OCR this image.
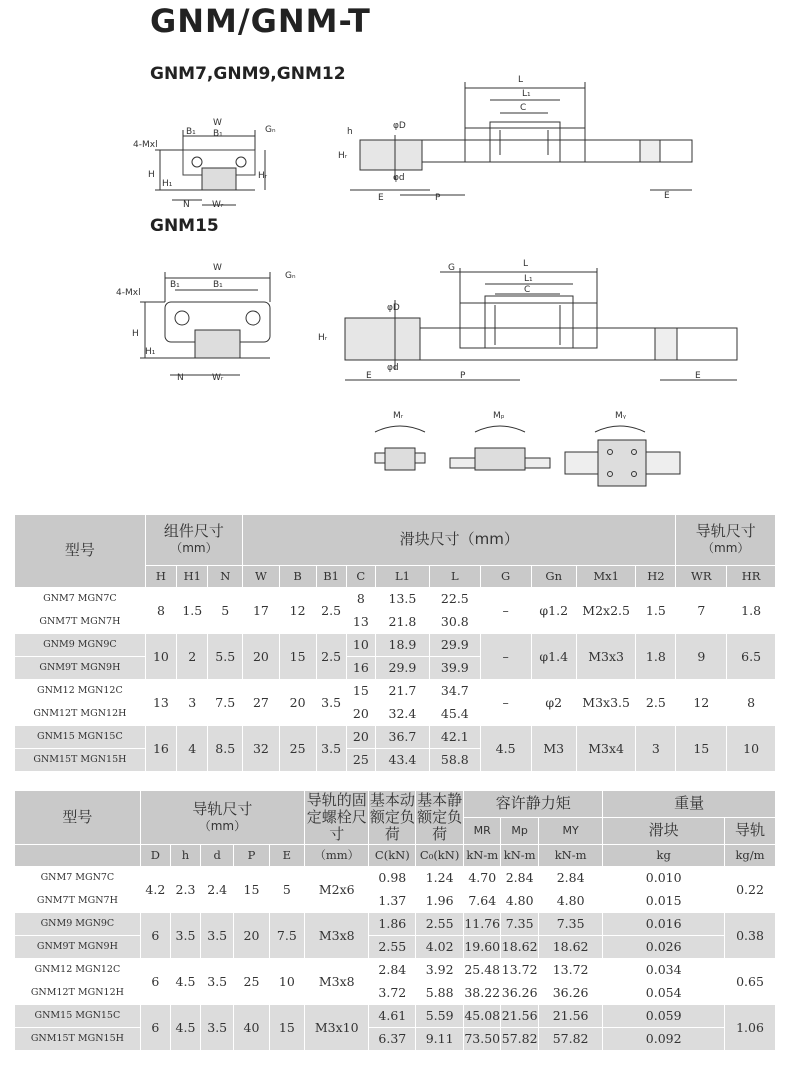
GNM/GNM-T
GNM7,GNM9,GNM12
GNM15
4-Mxl
B₁
W
B₁	Gₙ
H
H₁
Hᵣ
N Wᵣ
L
L₁
C
φD
φd
E	P	E
h
Hᵣ
4-Mxl
B₁
W
B₁
Gₙ
H
H₁
N	Wᵣ
G	L
L₁
C
φD
φd
E	P	E
Hᵣ
Mᵣ	Mₚ	Mᵧ
型号	组件尺寸
（mm）			滑块尺寸（mm）										导轨尺寸
（mm）	
	H	H1	N	W	B	B1	C	L1	L	G	Gn	Mx1	H2	WR	HR
GNM7 MGN7C	8	1.5	5	17	12	2.5	8	13.5	22.5	–	φ1.2	M2x2.5	1.5	7	1.8
GNM7T MGN7H							13	21.8	30.8						
GNM9 MGN9C	10	2	5.5	20	15	2.5	10	18.9	29.9	–	φ1.4	M3x3	1.8	9	6.5
GNM9T MGN9H							16	29.9	39.9						
GNM12 MGN12C	13	3	7.5	27	20	3.5	15	21.7	34.7	–	φ2	M3x3.5	2.5	12	8
GNM12T MGN12H							20	32.4	45.4						
GNM15 MGN15C	16	4	8.5	32	25	3.5	20	36.7	42.1	4.5	M3	M3x4	3	15	10
GNM15T MGN15H							25	43.4	58.8						
型号	导轨尺寸
（mm）					导轨的固定螺栓尺寸	基本动额定负荷	基本静额定负荷	容许静力矩			重量	
									MR	Mp	MY	滑块	导轨
	D	h	d	P	E	（mm）	C(kN)	C₀(kN)	kN-m	kN-m	kN-m	kg	kg/m
GNM7 MGN7C	4.2	2.3	2.4	15	5	M2x6	0.98	1.24	4.70	2.84	2.84	0.010	0.22
GNM7T MGN7H							1.37	1.96	7.64	4.80	4.80	0.015	
GNM9 MGN9C	6	3.5	3.5	20	7.5	M3x8	1.86	2.55	11.76	7.35	7.35	0.016	0.38
GNM9T MGN9H							2.55	4.02	19.60	18.62	18.62	0.026	
GNM12 MGN12C	6	4.5	3.5	25	10	M3x8	2.84	3.92	25.48	13.72	13.72	0.034	0.65
GNM12T MGN12H							3.72	5.88	38.22	36.26	36.26	0.054	
GNM15 MGN15C	6	4.5	3.5	40	15	M3x10	4.61	5.59	45.08	21.56	21.56	0.059	1.06
GNM15T MGN15H							6.37	9.11	73.50	57.82	57.82	0.092	
